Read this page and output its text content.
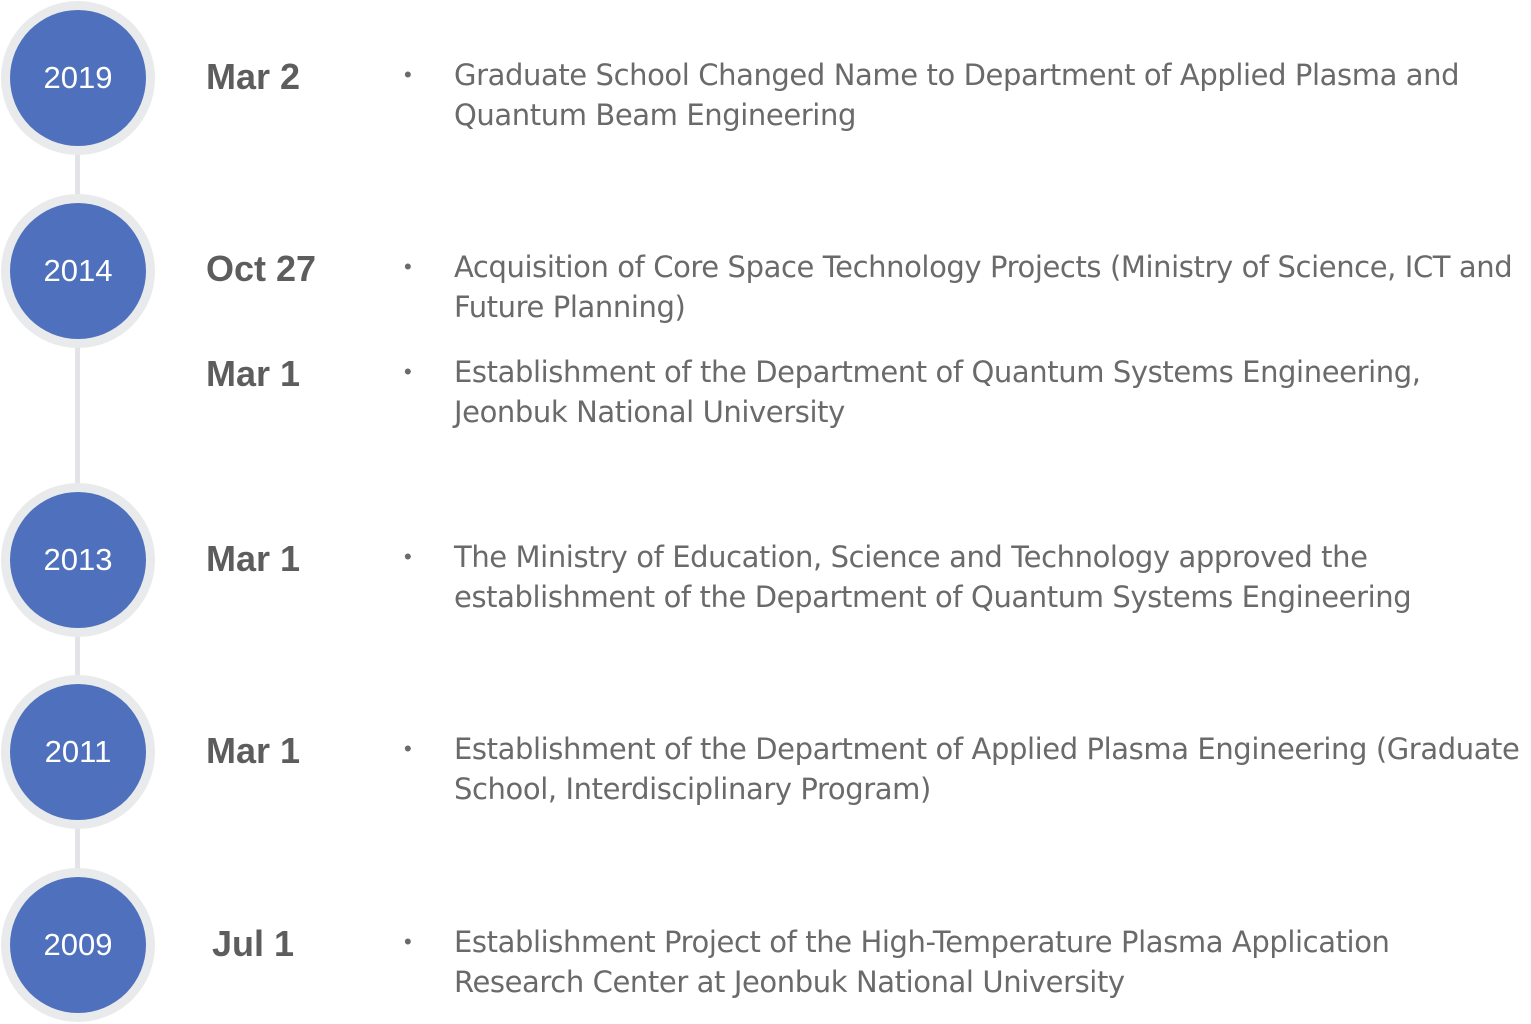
2019	Mar 2	• Graduate School Changed Name to Department of Applied Plasma and Quantum Beam Engineering
2014	Oct 27	• Acquisition of Core Space Technology Projects (Ministry of Science, ICT and Future Planning)
Mar 1	• Establishment of the Department of Quantum Systems Engineering, Jeonbuk National University
2013	Mar 1	• The Ministry of Education, Science and Technology approved the establishment of the Department of Quantum Systems Engineering
2011	Mar 1	• Establishment of the Department of Applied Plasma Engineering (Graduate School, Interdisciplinary Program)
2009	Jul 1	• Establishment Project of the High-Temperature Plasma Application Research Center at Jeonbuk National University
